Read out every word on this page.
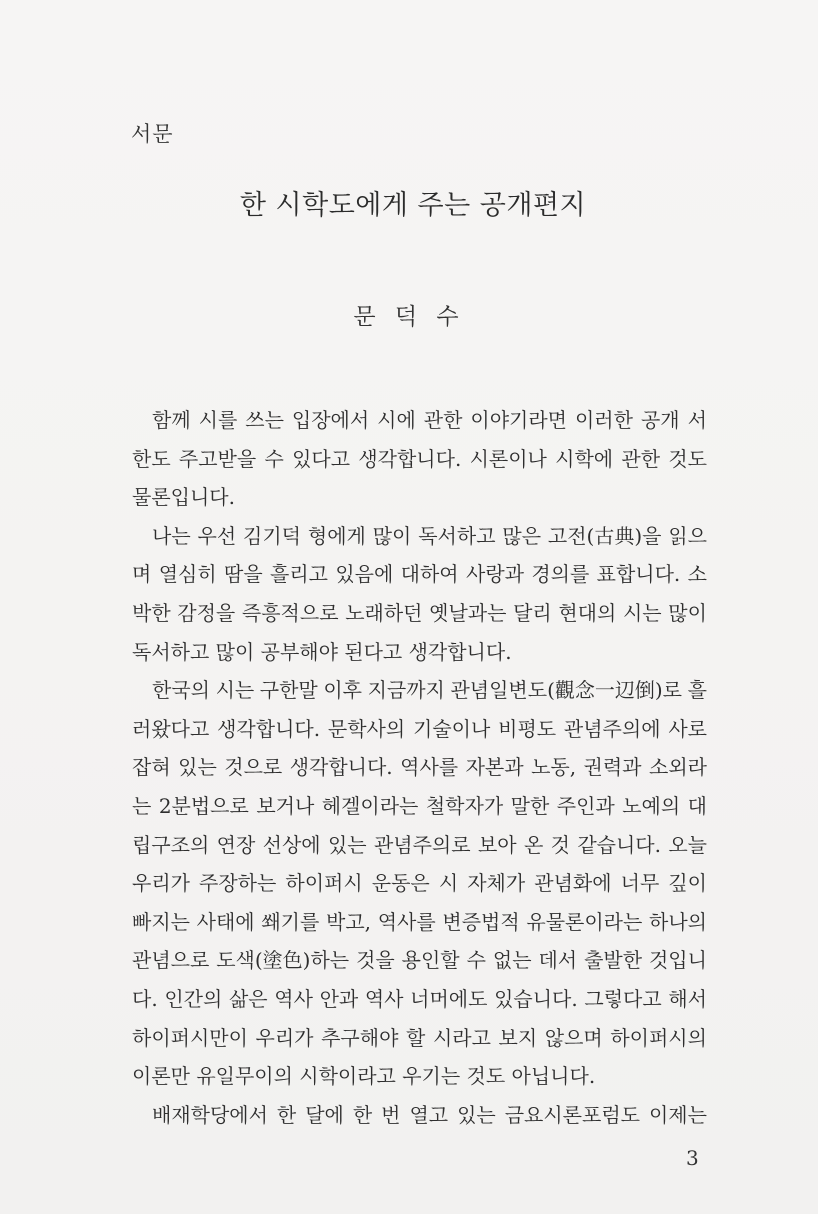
서문
한 시학도에게 주는 공개편지
문 덕 수
함께 시를 쓰는 입장에서 시에 관한 이야기라면 이러한 공개 서
한도 주고받을 수 있다고 생각합니다. 시론이나 시학에 관한 것도
물론입니다.
나는 우선 김기덕 형에게 많이 독서하고 많은 고전(古典)을 읽으
며 열심히 땀을 흘리고 있음에 대하여 사랑과 경의를 표합니다. 소
박한 감정을 즉흥적으로 노래하던 옛날과는 달리 현대의 시는 많이
독서하고 많이 공부해야 된다고 생각합니다.
한국의 시는 구한말 이후 지금까지 관념일변도(觀念一辺倒)로 흘
러왔다고 생각합니다. 문학사의 기술이나 비평도 관념주의에 사로
잡혀 있는 것으로 생각합니다. 역사를 자본과 노동, 권력과 소외라
는 2분법으로 보거나 헤겔이라는 철학자가 말한 주인과 노예의 대
립구조의 연장 선상에 있는 관념주의로 보아 온 것 같습니다. 오늘
우리가 주장하는 하이퍼시 운동은 시 자체가 관념화에 너무 깊이
빠지는 사태에 쐐기를 박고, 역사를 변증법적 유물론이라는 하나의
관념으로 도색(塗色)하는 것을 용인할 수 없는 데서 출발한 것입니
다. 인간의 삶은 역사 안과 역사 너머에도 있습니다. 그렇다고 해서
하이퍼시만이 우리가 추구해야 할 시라고 보지 않으며 하이퍼시의
이론만 유일무이의 시학이라고 우기는 것도 아닙니다.
배재학당에서 한 달에 한 번 열고 있는 금요시론포럼도 이제는
3
